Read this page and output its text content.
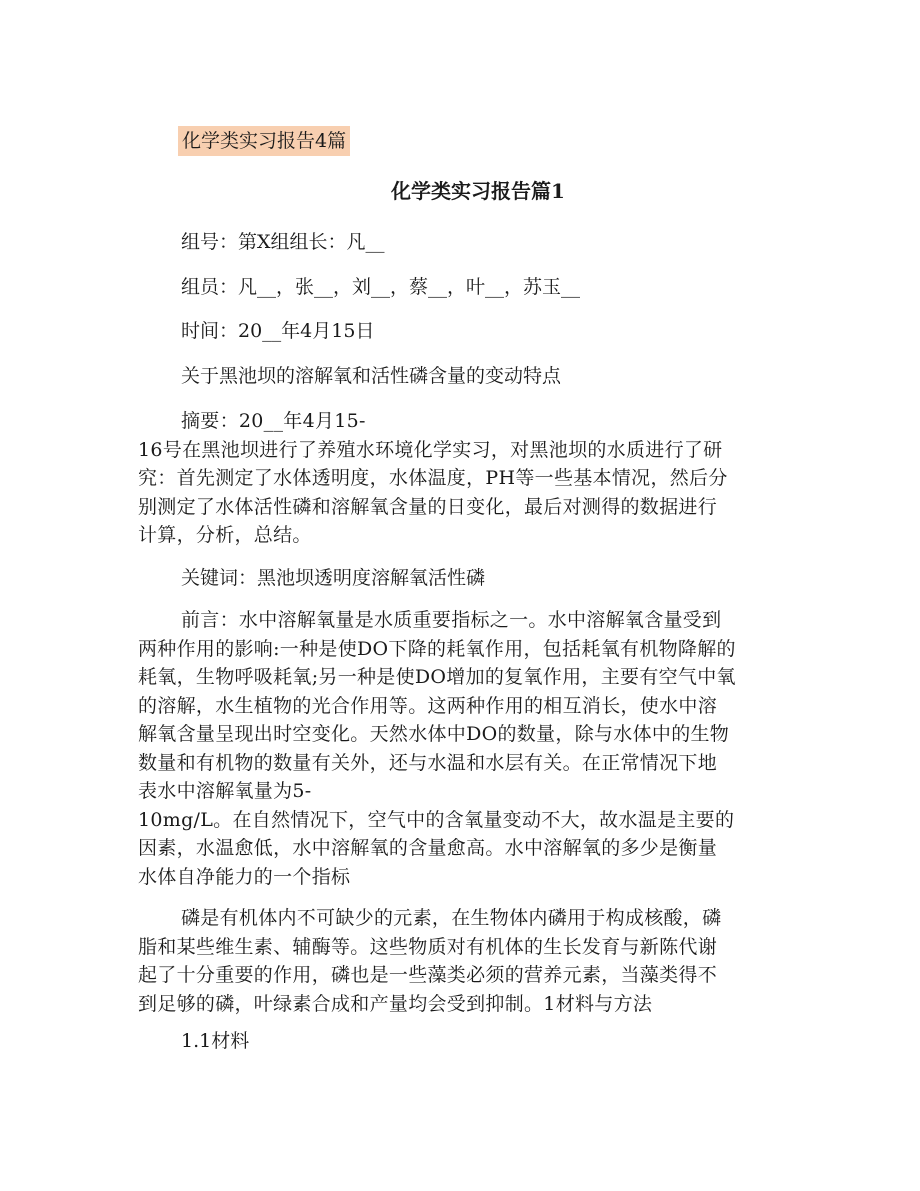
化学类实习报告4篇
化学类实习报告篇1
组号：第X组组长：凡__
组员：凡__，张__，刘__，蔡__，叶__，苏玉__
时间：20__年4月15日
关于黑池坝的溶解氧和活性磷含量的变动特点
摘要：20__年4月15-
16号在黑池坝进行了养殖水环境化学实习，对黑池坝的水质进行了研
究：首先测定了水体透明度，水体温度，PH等一些基本情况，然后分
别测定了水体活性磷和溶解氧含量的日变化，最后对测得的数据进行
计算，分析，总结。
关键词：黑池坝透明度溶解氧活性磷
前言：水中溶解氧量是水质重要指标之一。水中溶解氧含量受到
两种作用的影响:一种是使DO下降的耗氧作用，包括耗氧有机物降解的
耗氧，生物呼吸耗氧;另一种是使DO增加的复氧作用，主要有空气中氧
的溶解，水生植物的光合作用等。这两种作用的相互消长，使水中溶
解氧含量呈现出时空变化。天然水体中DO的数量，除与水体中的生物
数量和有机物的数量有关外，还与水温和水层有关。在正常情况下地
表水中溶解氧量为5-
10mg/L。在自然情况下，空气中的含氧量变动不大，故水温是主要的
因素，水温愈低，水中溶解氧的含量愈高。水中溶解氧的多少是衡量
水体自净能力的一个指标
磷是有机体内不可缺少的元素，在生物体内磷用于构成核酸，磷
脂和某些维生素、辅酶等。这些物质对有机体的生长发育与新陈代谢
起了十分重要的作用，磷也是一些藻类必须的营养元素，当藻类得不
到足够的磷，叶绿素合成和产量均会受到抑制。1材料与方法
1.1材料
